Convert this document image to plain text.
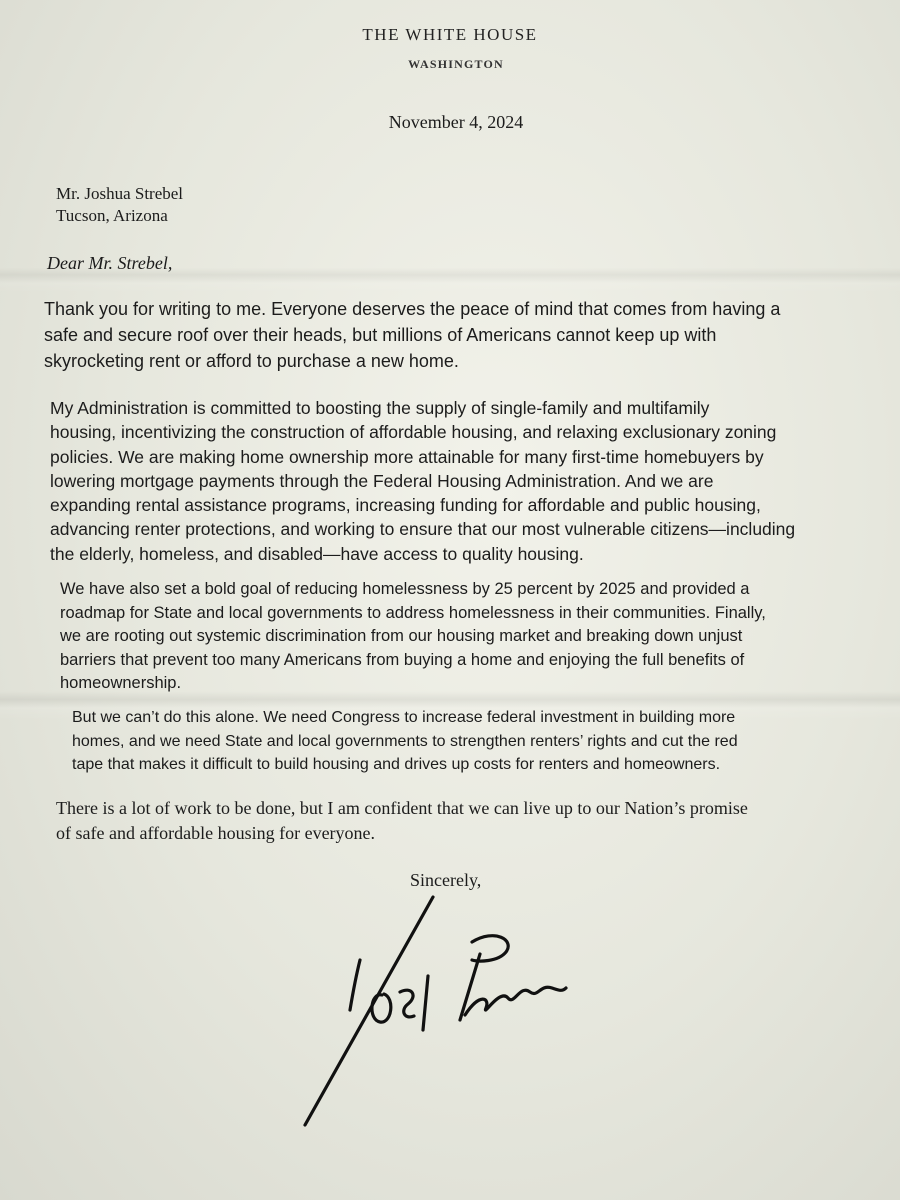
THE WHITE HOUSE
WASHINGTON
November 4, 2024
Mr. Joshua Strebel
Tucson, Arizona
Dear Mr. Strebel,
Thank you for writing to me. Everyone deserves the peace of mind that comes from having a
safe and secure roof over their heads, but millions of Americans cannot keep up with
skyrocketing rent or afford to purchase a new home.
My Administration is committed to boosting the supply of single-family and multifamily
housing, incentivizing the construction of affordable housing, and relaxing exclusionary zoning
policies. We are making home ownership more attainable for many first-time homebuyers by
lowering mortgage payments through the Federal Housing Administration. And we are
expanding rental assistance programs, increasing funding for affordable and public housing,
advancing renter protections, and working to ensure that our most vulnerable citizens—including
the elderly, homeless, and disabled—have access to quality housing.
We have also set a bold goal of reducing homelessness by 25 percent by 2025 and provided a
roadmap for State and local governments to address homelessness in their communities. Finally,
we are rooting out systemic discrimination from our housing market and breaking down unjust
barriers that prevent too many Americans from buying a home and enjoying the full benefits of
homeownership.
But we can’t do this alone. We need Congress to increase federal investment in building more
homes, and we need State and local governments to strengthen renters’ rights and cut the red
tape that makes it difficult to build housing and drives up costs for renters and homeowners.
There is a lot of work to be done, but I am confident that we can live up to our Nation’s promise
of safe and affordable housing for everyone.
Sincerely,
